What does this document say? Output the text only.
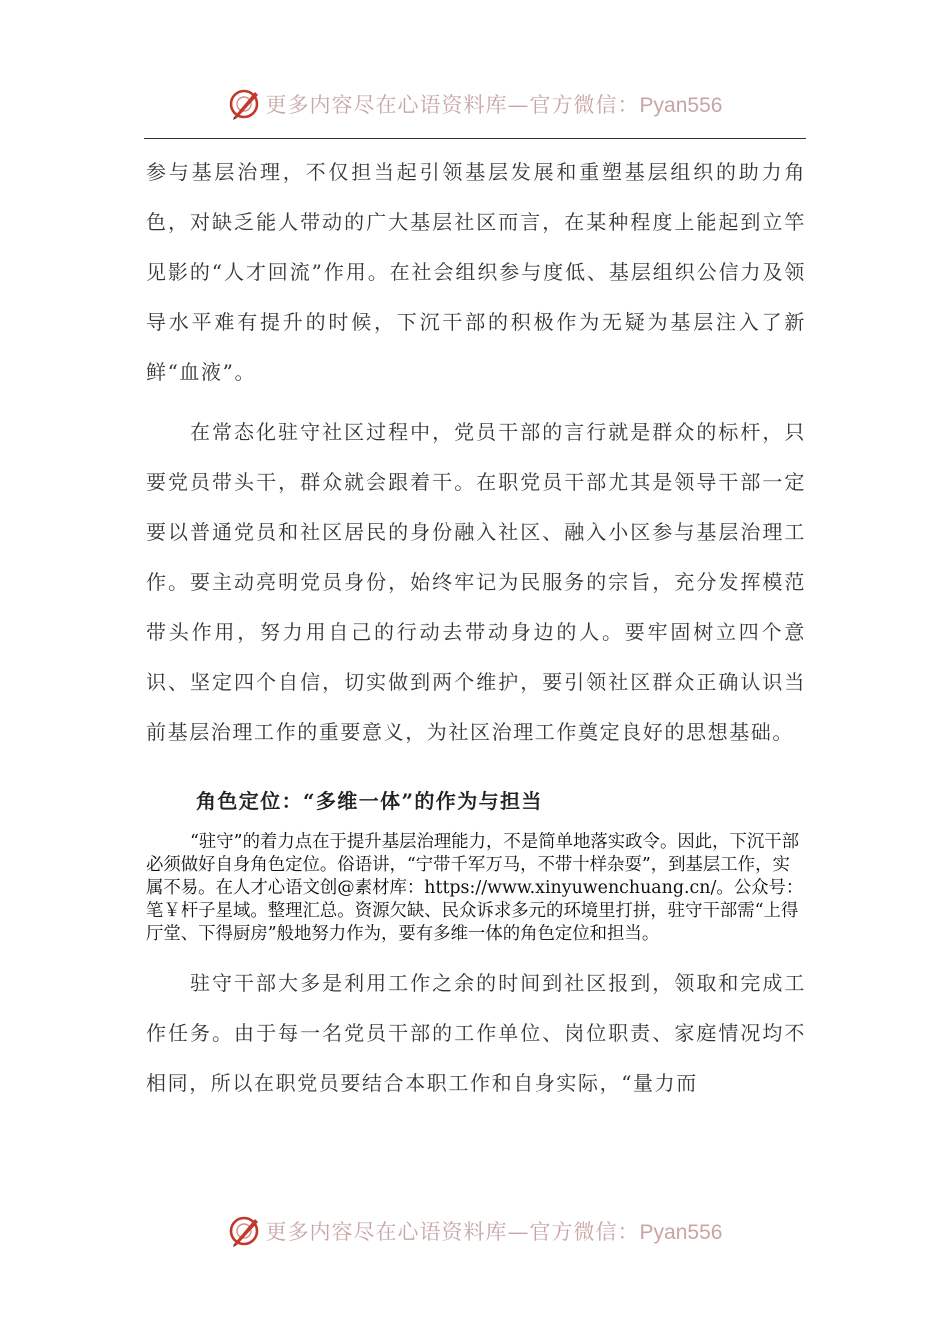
更多内容尽在心语资料库—官方微信：Pyan556

参与基层治理，不仅担当起引领基层发展和重塑基层组织的助力角色，对缺乏能人带动的广大基层社区而言，在某种程度上能起到立竿见影的“人才回流”作用。在社会组织参与度低、基层组织公信力及领导水平难有提升的时候，下沉干部的积极作为无疑为基层注入了新鲜“血液”。

在常态化驻守社区过程中，党员干部的言行就是群众的标杆，只要党员带头干，群众就会跟着干。在职党员干部尤其是领导干部一定要以普通党员和社区居民的身份融入社区、融入小区参与基层治理工作。要主动亮明党员身份，始终牢记为民服务的宗旨，充分发挥模范带头作用，努力用自己的行动去带动身边的人。要牢固树立四个意识、坚定四个自信，切实做到两个维护，要引领社区群众正确认识当前基层治理工作的重要意义，为社区治理工作奠定良好的思想基础。

角色定位：“多维一体”的作为与担当

“驻守”的着力点在于提升基层治理能力，不是简单地落实政令。因此，下沉干部必须做好自身角色定位。俗语讲，“宁带千军万马，不带十样杂耍”，到基层工作，实属不易。在人才心语文创@素材库：https://www.xinyuwenchuang.cn/。公众号：笔￥杆子星域。整理汇总。资源欠缺、民众诉求多元的环境里打拼，驻守干部需“上得厅堂、下得厨房”般地努力作为，要有多维一体的角色定位和担当。

驻守干部大多是利用工作之余的时间到社区报到，领取和完成工作任务。由于每一名党员干部的工作单位、岗位职责、家庭情况均不相同，所以在职党员要结合本职工作和自身实际，“量力而

更多内容尽在心语资料库—官方微信：Pyan556
